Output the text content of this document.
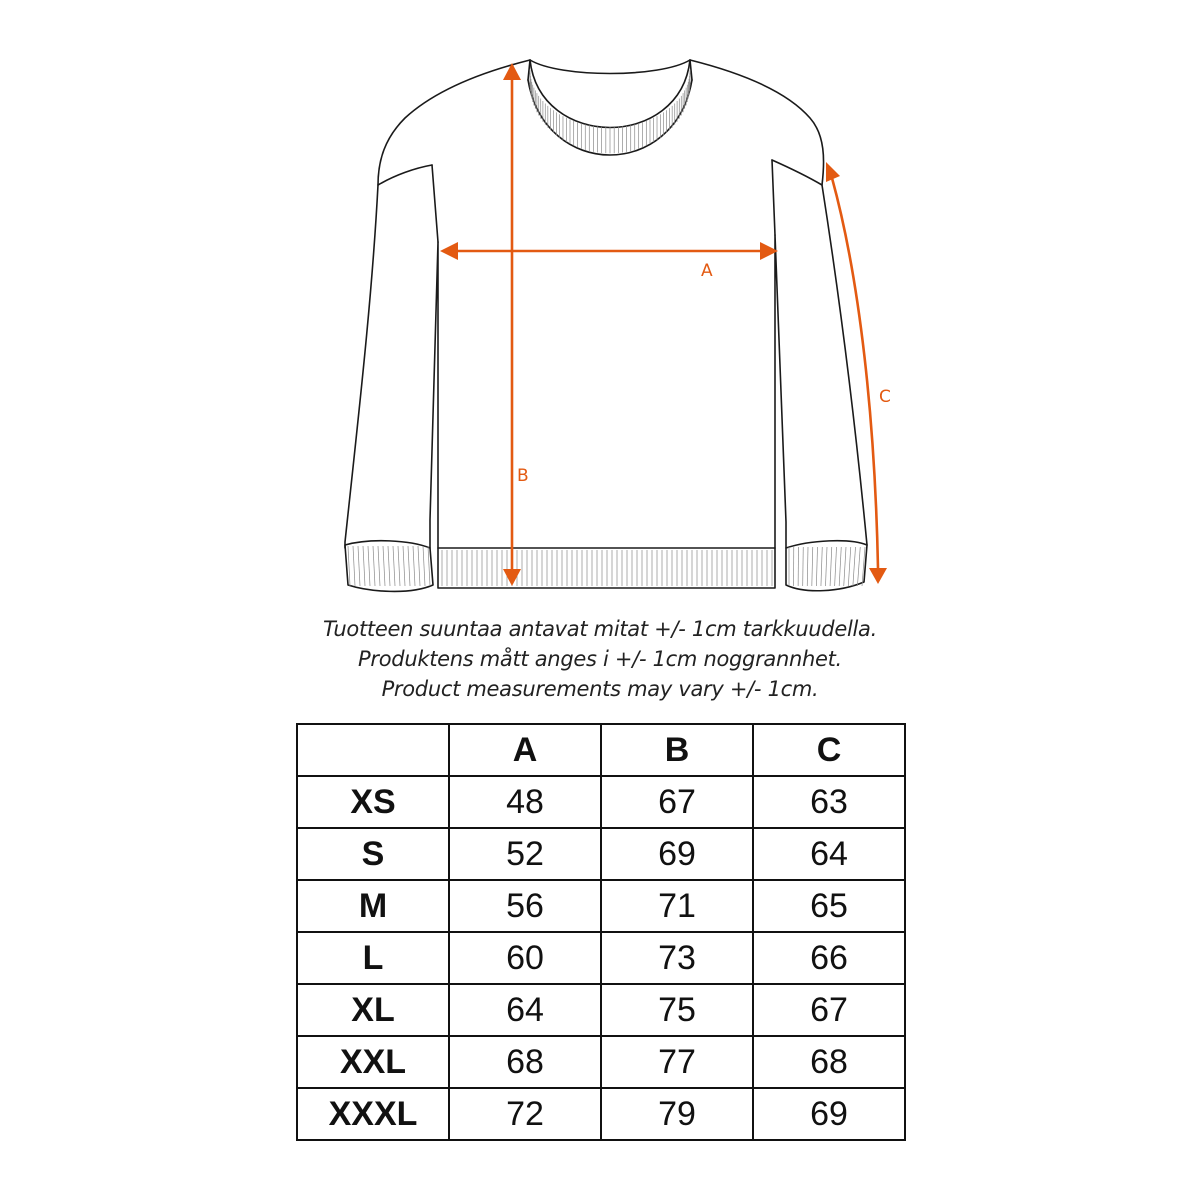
A
B
C
Tuotteen suuntaa antavat mitat +/- 1cm tarkkuudella.
Produktens mått anges i +/- 1cm noggrannhet.
Product measurements may vary +/- 1cm.
	A	B	C
XS	48	67	63
S	52	69	64
M	56	71	65
L	60	73	66
XL	64	75	67
XXL	68	77	68
XXXL	72	79	69
